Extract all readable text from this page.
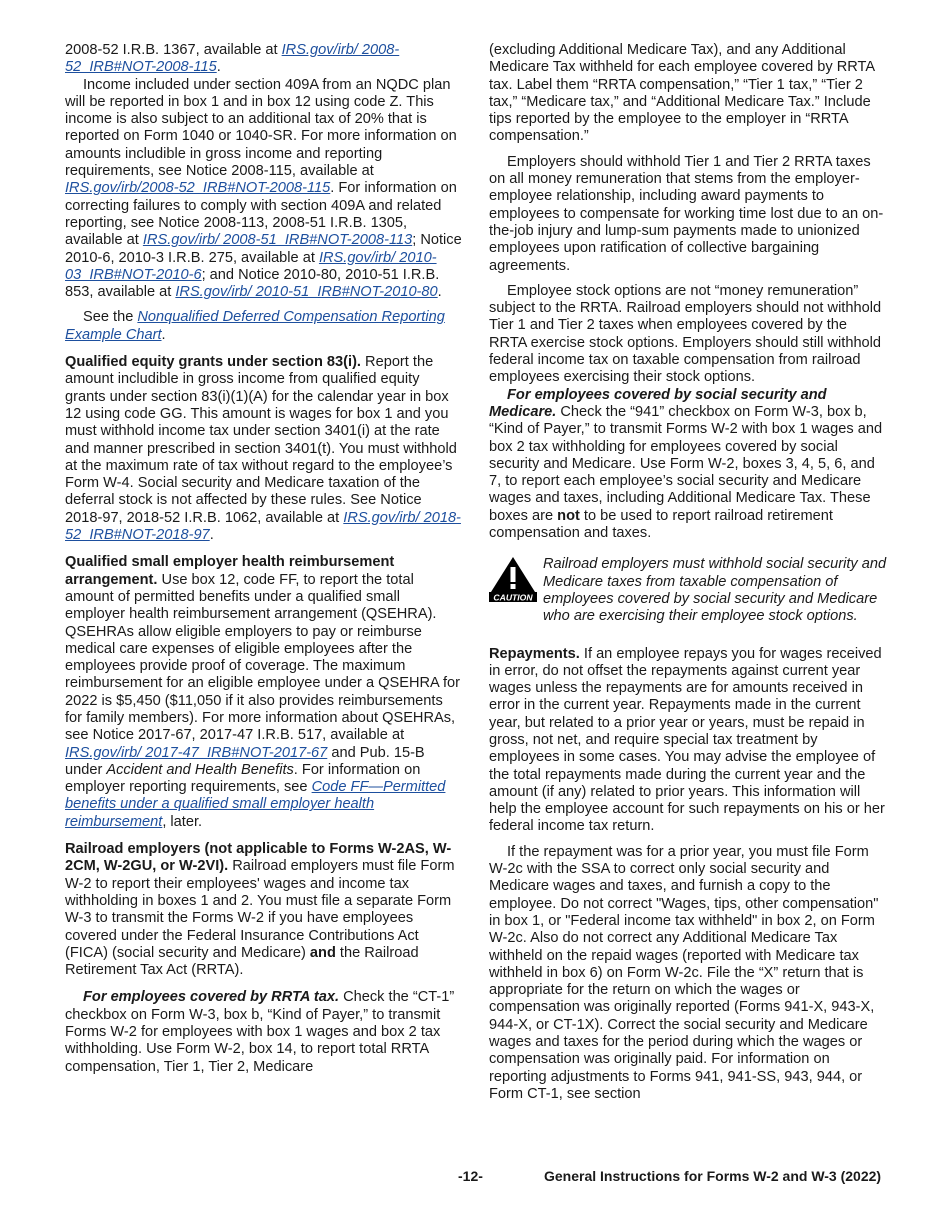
2008-52 I.R.B. 1367, available at IRS.gov/irb/ 2008-52_IRB#NOT-2008-115.

Income included under section 409A from an NQDC plan will be reported in box 1 and in box 12 using code Z. This income is also subject to an additional tax of 20% that is reported on Form 1040 or 1040-SR. For more information on amounts includible in gross income and reporting requirements, see Notice 2008-115, available at IRS.gov/irb/2008-52_IRB#NOT-2008-115. For information on correcting failures to comply with section 409A and related reporting, see Notice 2008-113, 2008-51 I.R.B. 1305, available at IRS.gov/irb/ 2008-51_IRB#NOT-2008-113; Notice 2010-6, 2010-3 I.R.B. 275, available at IRS.gov/irb/ 2010-03_IRB#NOT-2010-6; and Notice 2010-80, 2010-51 I.R.B. 853, available at IRS.gov/irb/ 2010-51_IRB#NOT-2010-80.

See the Nonqualified Deferred Compensation Reporting Example Chart.

Qualified equity grants under section 83(i). Report the amount includible in gross income from qualified equity grants under section 83(i)(1)(A) for the calendar year in box 12 using code GG. This amount is wages for box 1 and you must withhold income tax under section 3401(i) at the rate and manner prescribed in section 3401(t). You must withhold at the maximum rate of tax without regard to the employee’s Form W-4. Social security and Medicare taxation of the deferral stock is not affected by these rules. See Notice 2018-97, 2018-52 I.R.B. 1062, available at IRS.gov/irb/ 2018-52_IRB#NOT-2018-97.

Qualified small employer health reimbursement arrangement. Use box 12, code FF, to report the total amount of permitted benefits under a qualified small employer health reimbursement arrangement (QSEHRA). QSEHRAs allow eligible employers to pay or reimburse medical care expenses of eligible employees after the employees provide proof of coverage. The maximum reimbursement for an eligible employee under a QSEHRA for 2022 is $5,450 ($11,050 if it also provides reimbursements for family members). For more information about QSEHRAs, see Notice 2017-67, 2017-47 I.R.B. 517, available at IRS.gov/irb/ 2017-47_IRB#NOT-2017-67 and Pub. 15-B under Accident and Health Benefits. For information on employer reporting requirements, see Code FF—Permitted benefits under a qualified small employer health reimbursement, later.

Railroad employers (not applicable to Forms W-2AS, W-2CM, W-2GU, or W-2VI). Railroad employers must file Form W-2 to report their employees' wages and income tax withholding in boxes 1 and 2. You must file a separate Form W-3 to transmit the Forms W-2 if you have employees covered under the Federal Insurance Contributions Act (FICA) (social security and Medicare) and the Railroad Retirement Tax Act (RRTA).

For employees covered by RRTA tax. Check the “CT-1” checkbox on Form W-3, box b, “Kind of Payer,” to transmit Forms W-2 for employees with box 1 wages and box 2 tax withholding. Use Form W-2, box 14, to report total RRTA compensation, Tier 1, Tier 2, Medicare

(excluding Additional Medicare Tax), and any Additional Medicare Tax withheld for each employee covered by RRTA tax. Label them “RRTA compensation,” “Tier 1 tax,” “Tier 2 tax,” “Medicare tax,” and “Additional Medicare Tax.” Include tips reported by the employee to the employer in “RRTA compensation.”

Employers should withhold Tier 1 and Tier 2 RRTA taxes on all money remuneration that stems from the employer-employee relationship, including award payments to employees to compensate for working time lost due to an on-the-job injury and lump-sum payments made to unionized employees upon ratification of collective bargaining agreements.

Employee stock options are not “money remuneration” subject to the RRTA. Railroad employers should not withhold Tier 1 and Tier 2 taxes when employees covered by the RRTA exercise stock options. Employers should still withhold federal income tax on taxable compensation from railroad employees exercising their stock options.

For employees covered by social security and Medicare. Check the “941” checkbox on Form W-3, box b, “Kind of Payer,” to transmit Forms W-2 with box 1 wages and box 2 tax withholding for employees covered by social security and Medicare. Use Form W-2, boxes 3, 4, 5, 6, and 7, to report each employee’s social security and Medicare wages and taxes, including Additional Medicare Tax. These boxes are not to be used to report railroad retirement compensation and taxes.

CAUTION
Railroad employers must withhold social security and Medicare taxes from taxable compensation of employees covered by social security and Medicare who are exercising their employee stock options.

Repayments. If an employee repays you for wages received in error, do not offset the repayments against current year wages unless the repayments are for amounts received in error in the current year. Repayments made in the current year, but related to a prior year or years, must be repaid in gross, not net, and require special tax treatment by employees in some cases. You may advise the employee of the total repayments made during the current year and the amount (if any) related to prior years. This information will help the employee account for such repayments on his or her federal income tax return.

If the repayment was for a prior year, you must file Form W-2c with the SSA to correct only social security and Medicare wages and taxes, and furnish a copy to the employee. Do not correct "Wages, tips, other compensation" in box 1, or "Federal income tax withheld" in box 2, on Form W-2c. Also do not correct any Additional Medicare Tax withheld on the repaid wages (reported with Medicare tax withheld in box 6) on Form W-2c. File the “X” return that is appropriate for the return on which the wages or compensation was originally reported (Forms 941-X, 943-X, 944-X, or CT-1X). Correct the social security and Medicare wages and taxes for the period during which the wages or compensation was originally paid. For information on reporting adjustments to Forms 941, 941-SS, 943, 944, or Form CT-1, see section

-12-	General Instructions for Forms W-2 and W-3 (2022)
